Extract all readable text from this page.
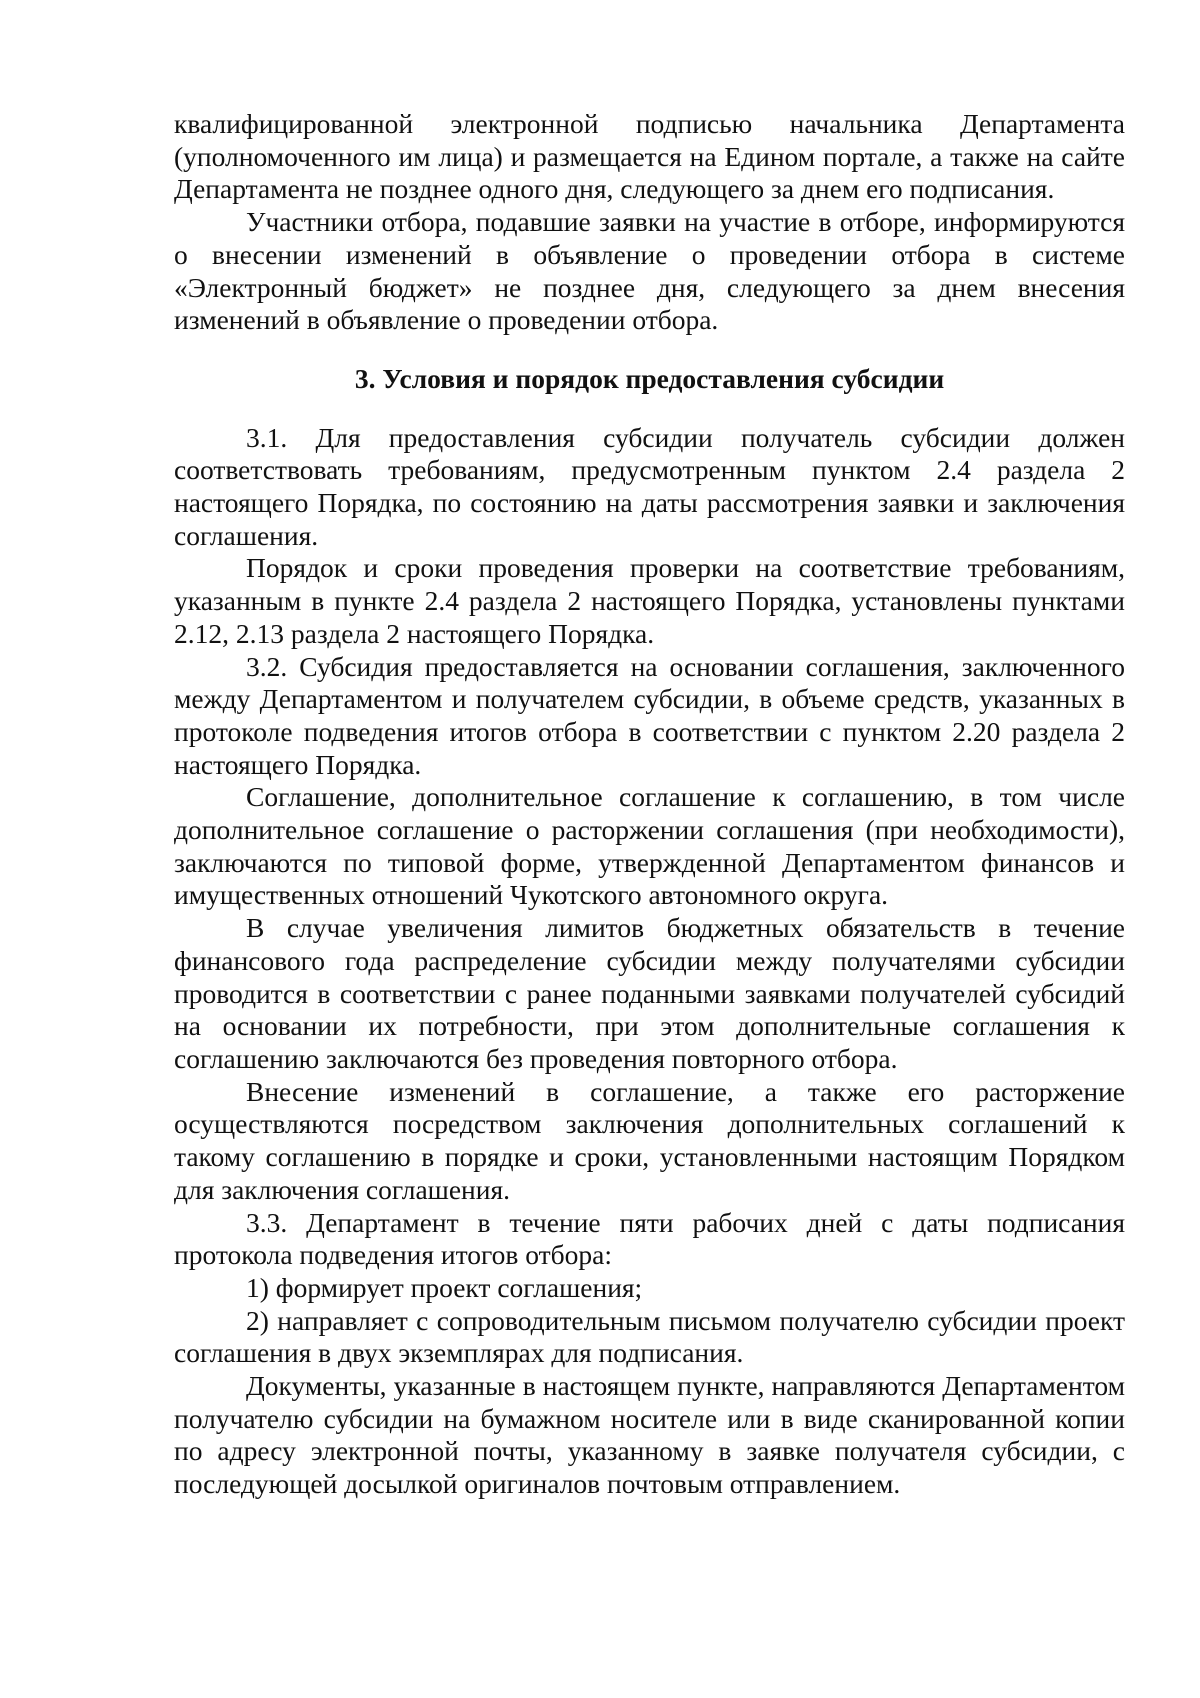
квалифицированной электронной подписью начальника Департамента (уполномоченного им лица) и размещается на Едином портале, а также на сайте Департамента не позднее одного дня, следующего за днем его подписания.

Участники отбора, подавшие заявки на участие в отборе, информируются о внесении изменений в объявление о проведении отбора в системе «Электронный бюджет» не позднее дня, следующего за днем внесения изменений в объявление о проведении отбора.

3. Условия и порядок предоставления субсидии

3.1. Для предоставления субсидии получатель субсидии должен соответствовать требованиям, предусмотренным пунктом 2.4 раздела 2 настоящего Порядка, по состоянию на даты рассмотрения заявки и заключения соглашения.

Порядок и сроки проведения проверки на соответствие требованиям, указанным в пункте 2.4 раздела 2 настоящего Порядка, установлены пунктами 2.12, 2.13 раздела 2 настоящего Порядка.

3.2. Субсидия предоставляется на основании соглашения, заключенного между Департаментом и получателем субсидии, в объеме средств, указанных в протоколе подведения итогов отбора в соответствии с пунктом 2.20 раздела 2 настоящего Порядка.

Соглашение, дополнительное соглашение к соглашению, в том числе дополнительное соглашение о расторжении соглашения (при необходимости), заключаются по типовой форме, утвержденной Департаментом финансов и имущественных отношений Чукотского автономного округа.

В случае увеличения лимитов бюджетных обязательств в течение финансового года распределение субсидии между получателями субсидии проводится в соответствии с ранее поданными заявками получателей субсидий на основании их потребности, при этом дополнительные соглашения к соглашению заключаются без проведения повторного отбора.

Внесение изменений в соглашение, а также его расторжение осуществляются посредством заключения дополнительных соглашений к такому соглашению в порядке и сроки, установленными настоящим Порядком для заключения соглашения.

3.3. Департамент в течение пяти рабочих дней с даты подписания протокола подведения итогов отбора:

1) формирует проект соглашения;

2) направляет с сопроводительным письмом получателю субсидии проект соглашения в двух экземплярах для подписания.

Документы, указанные в настоящем пункте, направляются Департаментом получателю субсидии на бумажном носителе или в виде сканированной копии по адресу электронной почты, указанному в заявке получателя субсидии, с последующей досылкой оригиналов почтовым отправлением.
